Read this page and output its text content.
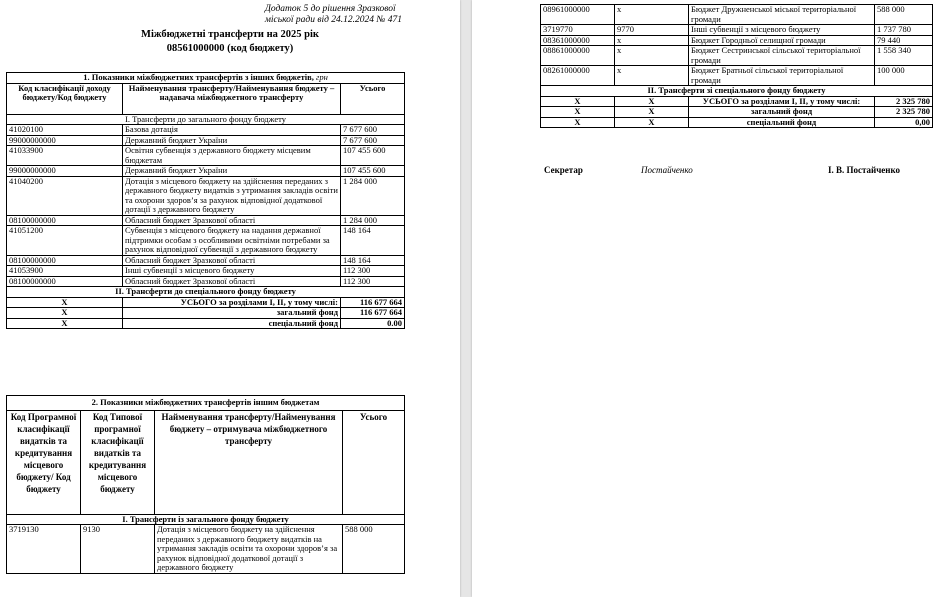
Додаток 5 до рішення Зразкової
міської ради від 24.12.2024 № 471
Міжбюджетні трансферти на 2025 рік
08561000000 (код бюджету)
1. Показники міжбюджетних трансфертів з інших бюджетів, грн		
Код класифікації доходу бюджету/Код бюджету	Найменування трансферту/Найменування бюджету – надавача міжбюджетного трансферту	Усього
I. Трансферти до загального фонду бюджету		
41020100	Базова дотація	7 677 600
99000000000	Державний бюджет України	7 677 600
41033900	Освітня субвенція з державного бюджету місцевим бюджетам	107 455 600
99000000000	Державний бюджет України	107 455 600
41040200	Дотація з місцевого бюджету на здійснення переданих з державного бюджету видатків з утримання закладів освіти та охорони здоров’я за рахунок відповідної додаткової дотації з державного бюджету	1 284 000
08100000000	Обласний бюджет Зразкової області	1 284 000
41051200	Субвенція з місцевого бюджету на надання державної підтримки особам з особливими освітніми потребами за рахунок відповідної субвенції з державного бюджету	148 164
08100000000	Обласний бюджет Зразкової області	148 164
41053900	Інші субвенції з місцевого бюджету	112 300
08100000000	Обласний бюджет Зразкової області	112 300
II. Трансферти до спеціального фонду бюджету		
X	УСЬОГО за розділами I, II, у тому числі:	116 677 664
X	загальний фонд	116 677 664
X	спеціальний фонд	0.00
2. Показники міжбюджетних трансфертів іншим бюджетам			
Код Програмної класифікації видатків та кредитування місцевого бюджету/ Код бюджету	Код Типової програмної класифікації видатків та кредитування місцевого бюджету	Найменування трансферту/Найменування бюджету – отримувача міжбюджетного трансферту	Усього
I. Трансферти із загального фонду бюджету			
3719130	9130	Дотація з місцевого бюджету на здійснення переданих з державного бюджету видатків на утримання закладів освіти та охорони здоров’я за рахунок відповідної додаткової дотації з державного бюджету	588 000
Секретар	Постайченко	І. В. Постайченко
08961000000	х	Бюджет Дружненської міської територіальної громади	588 000
3719770	9770	Інші субвенції з місцевого бюджету	1 737 780
08361000000	х	Бюджет Городньої селищної громади	79 440
08861000000	х	Бюджет Сестринської сільської територіальної громади	1 558 340
08261000000	х	Бюджет Братньої сільської територіальної громади	100 000
II. Трансферти зі спеціального фонду бюджету			
X	X	УСЬОГО за розділами I, II, у тому числі:	2 325 780
X	X	загальний фонд	2 325 780
X	X	спеціальний фонд	0,00
